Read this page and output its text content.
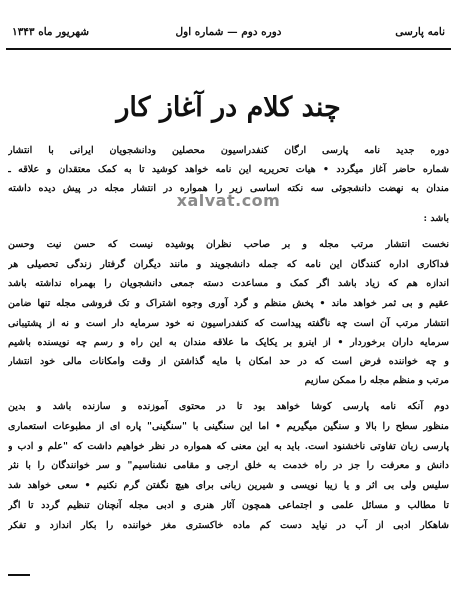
نامه پارسی
دوره دوم — شماره اول
شهریور ماه ۱۳۴۳
چند کلام در آغاز کار
دوره جدید نامه پارسی ارگان کنفدراسیون محصلین ودانشجویان ایرانی با انتشار
شماره حاضر آغاز میگردد • هیات تحریریه این نامه خواهد کوشید تا به کمک معتقدان و علاقه ـ
مندان به نهضت دانشجوئی سه نکته اساسی زیر را همواره در انتشار مجله در پیش دیده داشته
باشد :
نخست انتشار مرتب مجله و بر صاحب نظران پوشیده نیست که حسن نیت وحسن
فداکاری اداره کنندگان این نامه که جمله دانشجویند و مانند دیگران گرفتار زندگی تحصیلی هر
اندازه هم که زیاد باشد اگر کمک و مساعدت دسته جمعی دانشجویان را بهمراه نداشته باشد
عقیم و بی ثمر خواهد ماند • پخش منظم و گرد آوری وجوه اشتراک و تک فروشی مجله تنها ضامن
انتشار مرتب آن است چه ناگفته پیداست که کنفدراسیون نه خود سرمایه دار است و نه از پشتیبانی
سرمایه داران برخوردار • از اینرو بر یکایک ما علاقه مندان به این راه و رسم چه نویسنده باشیم
و چه خواننده فرض است که در حد امکان با مایه گذاشتن از وقت وامکانات مالی خود انتشار
مرتب و منظم مجله را ممکن سازیم
دوم آنکه نامه پارسی کوشا خواهد بود تا در محتوی آموزنده و سازنده باشد و بدین
منظور سطح را بالا و سنگین میگیریم • اما این سنگینی با "سنگینی" پاره ای از مطبوعات استعماری
پارسی زبان تفاوتی ناخشنود است. باید به این معنی که همواره در نظر خواهیم داشت که "علم و ادب و
دانش و معرفت را جز در راه خدمت به خلق ارجی و مقامی نشناسیم" و سر خوانندگان را با نثر
سلیس ولی بی اثر و یا زیبا نویسی و شیرین زبانی برای هیچ نگفتن گرم نکنیم • سعی خواهد شد
تا مطالب و مسائل علمی و اجتماعی همچون آثار هنری و ادبی مجله آنچنان تنظیم گردد تا اگر
شاهکار ادبی از آب در نیاید دست کم ماده خاکستری مغز خواننده را بکار اندازد و تفکر
xalvat.com
